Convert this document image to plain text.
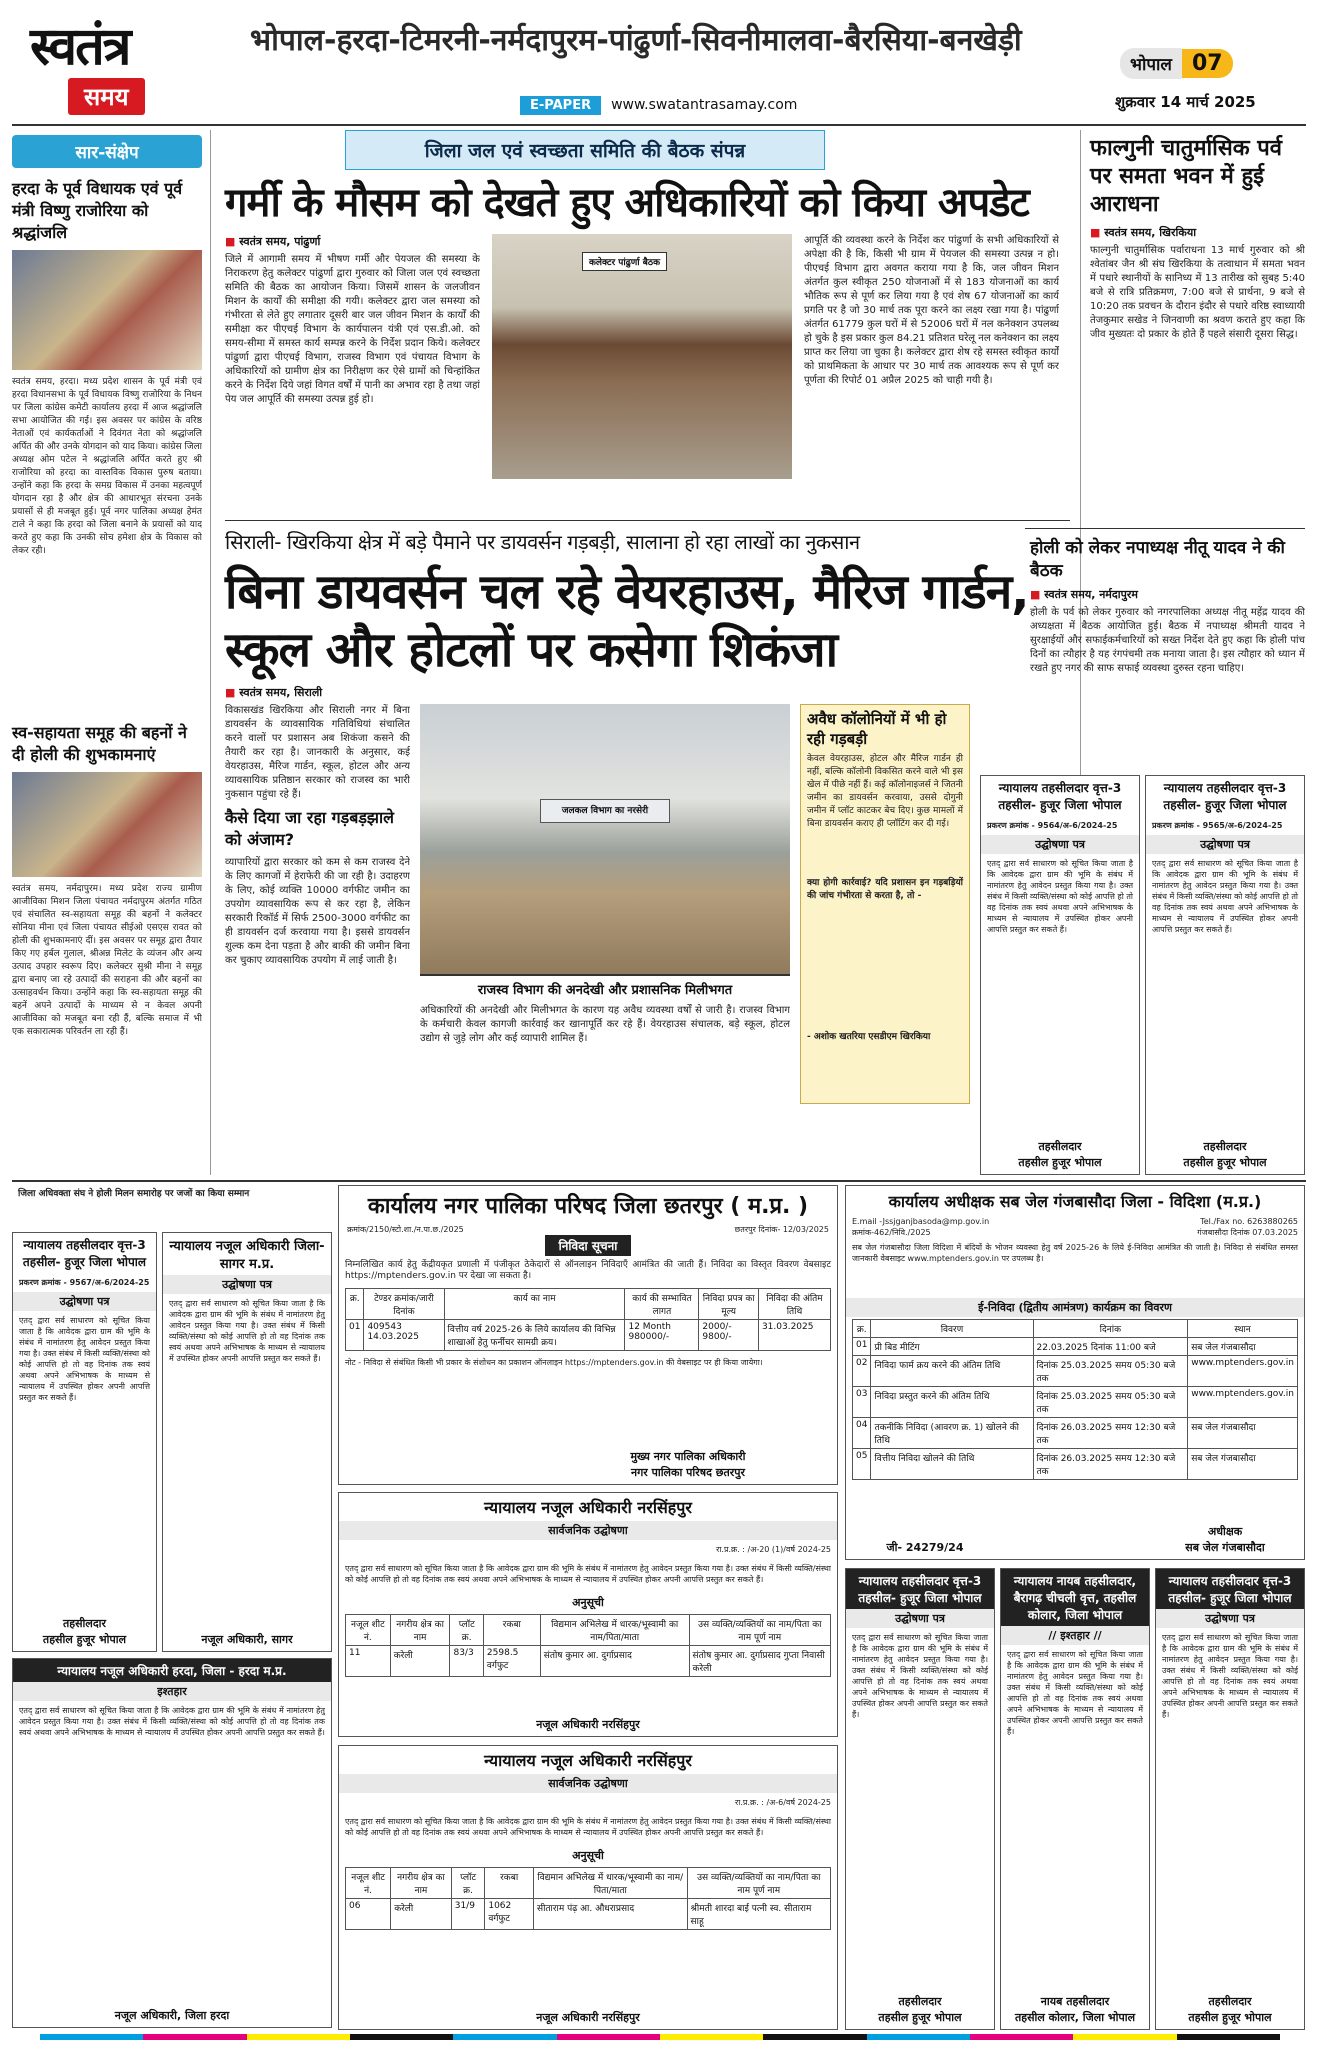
स्वतंत्र
समय
भोपाल-हरदा-टिमरनी-नर्मदापुरम-पांढुर्णा-सिवनीमालवा-बैरसिया-बनखेड़ी
E-PAPER	www.swatantrasamay.com
भोपाल 07
शुक्रवार 14 मार्च 2025
सार-संक्षेप
हरदा के पूर्व विधायक एवं पूर्व मंत्री विष्णु राजोरिया को श्रद्धांजलि
स्वतंत्र समय, हरदा। मध्य प्रदेश शासन के पूर्व मंत्री एवं हरदा विधानसभा के पूर्व विधायक विष्णु राजोरिया के निधन पर जिला कांग्रेस कमेटी कार्यालय हरदा में आज श्रद्धांजलि सभा आयोजित की गई। इस अवसर पर कांग्रेस के वरिष्ठ नेताओं एवं कार्यकर्ताओं ने दिवंगत नेता को श्रद्धांजलि अर्पित की और उनके योगदान को याद किया। कांग्रेस जिला अध्यक्ष ओम पटेल ने श्रद्धांजलि अर्पित करते हुए श्री राजोरिया को हरदा का वास्तविक विकास पुरुष बताया। उन्होंने कहा कि हरदा के समग्र विकास में उनका महत्वपूर्ण योगदान रहा है और क्षेत्र की आधारभूत संरचना उनके प्रयासों से ही मजबूत हुई। पूर्व नगर पालिका अध्यक्ष हेमंत टाले ने कहा कि हरदा को जिला बनाने के प्रयासों को याद करते हुए कहा कि उनकी सोच हमेशा क्षेत्र के विकास को लेकर रही।
स्व-सहायता समूह की बहनों ने दी होली की शुभकामनाएं
स्वतंत्र समय, नर्मदापुरम। मध्य प्रदेश राज्य ग्रामीण आजीविका मिशन जिला पंचायत नर्मदापुरम अंतर्गत गठित एवं संचालित स्व-सहायता समूह की बहनों ने कलेक्टर सोनिया मीना एवं जिला पंचायत सीईओ एसएस रावत को होली की शुभकामनाएं दीं। इस अवसर पर समूह द्वारा तैयार किए गए हर्बल गुलाल, श्रीअन्न मिलेट के व्यंजन और अन्य उत्पाद उपहार स्वरूप दिए। कलेक्टर सुश्री मीना ने समूह द्वारा बनाए जा रहे उत्पादों की सराहना की और बहनों का उत्साहवर्धन किया। उन्होंने कहा कि स्व-सहायता समूह की बहनें अपने उत्पादों के माध्यम से न केवल अपनी आजीविका को मजबूत बना रही हैं, बल्कि समाज में भी एक सकारात्मक परिवर्तन ला रही हैं।
जिला जल एवं स्वच्छता समिति की बैठक संपन्न
गर्मी के मौसम को देखते हुए अधिकारियों को किया अपडेट
■ स्वतंत्र समय, पांढुर्णा
जिले में आगामी समय में भीषण गर्मी और पेयजल की समस्या के निराकरण हेतु कलेक्टर पांढुर्णा द्वारा गुरुवार को जिला जल एवं स्वच्छता समिति की बैठक का आयोजन किया। जिसमें शासन के जलजीवन मिशन के कार्यों की समीक्षा की गयी। कलेक्टर द्वारा जल समस्या को गंभीरता से लेते हुए लगातार दूसरी बार जल जीवन मिशन के कार्यों की समीक्षा कर पीएचई विभाग के कार्यपालन यंत्री एवं एस.डी.ओ. को समय-सीमा में समस्त कार्य सम्पन्न करने के निर्देश प्रदान किये। कलेक्टर पांढुर्णा द्वारा पीएचई विभाग, राजस्व विभाग एवं पंचायत विभाग के अधिकारियों को ग्रामीण क्षेत्र का निरीक्षण कर ऐसे ग्रामों को चिन्हांकित करने के निर्देश दिये जहां विगत वर्षों में पानी का अभाव रहा है तथा जहां पेय जल आपूर्ति की समस्या उत्पन्न हुई हो।
कलेक्टर पांढुर्णा बैठक
आपूर्ति की व्यवस्था करने के निर्देश कर पांढुर्णा के सभी अधिकारियों से अपेक्षा की है कि, किसी भी ग्राम में पेयजल की समस्या उत्पन्न न हो। पीएचई विभाग द्वारा अवगत कराया गया है कि, जल जीवन मिशन अंतर्गत कुल स्वीकृत 250 योजनाओं में से 183 योजनाओं का कार्य भौतिक रूप से पूर्ण कर लिया गया है एवं शेष 67 योजनाओं का कार्य प्रगति पर है जो 30 मार्च तक पूरा करने का लक्ष्य रखा गया है। पांढुर्णा अंतर्गत 61779 कुल घरों में से 52006 घरों में नल कनेक्शन उपलब्ध हो चुके है इस प्रकार कुल 84.21 प्रतिशत घरेलू नल कनेक्शन का लक्ष्य प्राप्त कर लिया जा चुका है। कलेक्टर द्वारा शेष रहे समस्त स्वीकृत कार्यों को प्राथमिकता के आधार पर 30 मार्च तक आवश्यक रूप से पूर्ण कर पूर्णता की रिपोर्ट 01 अप्रैल 2025 को चाही गयी है।
सिराली- खिरकिया क्षेत्र में बड़े पैमाने पर डायवर्सन गड़बड़ी, सालाना हो रहा लाखों का नुकसान
बिना डायवर्सन चल रहे वेयरहाउस, मैरिज गार्डन, स्कूल और होटलों पर कसेगा शिकंजा
■ स्वतंत्र समय, सिराली
विकासखंड खिरकिया और सिराली नगर में बिना डायवर्सन के व्यावसायिक गतिविधियां संचालित करने वालों पर प्रशासन अब शिकंजा कसने की तैयारी कर रहा है। जानकारी के अनुसार, कई वेयरहाउस, मैरिज गार्डन, स्कूल, होटल और अन्य व्यावसायिक प्रतिष्ठान सरकार को राजस्व का भारी नुकसान पहुंचा रहे हैं।
कैसे दिया जा रहा गड़बड़झाले को अंजाम?
व्यापारियों द्वारा सरकार को कम से कम राजस्व देने के लिए कागजों में हेराफेरी की जा रही है। उदाहरण के लिए, कोई व्यक्ति 10000 वर्गफीट जमीन का उपयोग व्यावसायिक रूप से कर रहा है, लेकिन सरकारी रिकॉर्ड में सिर्फ 2500-3000 वर्गफीट का ही डायवर्सन दर्ज करवाया गया है। इससे डायवर्सन शुल्क कम देना पड़ता है और बाकी की जमीन बिना कर चुकाए व्यावसायिक उपयोग में लाई जाती है।
जलकल विभाग का नरसेरी
राजस्व विभाग की अनदेखी और प्रशासनिक मिलीभगत
अधिकारियों की अनदेखी और मिलीभगत के कारण यह अवैध व्यवस्था वर्षों से जारी है। राजस्व विभाग के कर्मचारी केवल कागजी कार्रवाई कर खानापूर्ति कर रहे हैं। वेयरहाउस संचालक, बड़े स्कूल, होटल उद्योग से जुड़े लोग और कई व्यापारी शामिल हैं।
अवैध कॉलोनियों में भी हो रही गड़बड़ी
केवल वेयरहाउस, होटल और मैरिज गार्डन ही नहीं, बल्कि कॉलोनी विकसित करने वाले भी इस खेल में पीछे नहीं हैं। कई कॉलोनाइजर्स ने जितनी जमीन का डायवर्सन करवाया, उससे दोगुनी जमीन में प्लॉट काटकर बेच दिए। कुछ मामलों में बिना डायवर्सन कराए ही प्लॉटिंग कर दी गई।
क्या होगी कार्रवाई? यदि प्रशासन इन गड़बड़ियों की जांच गंभीरता से करता है, तो -
- अशोक खतरिया एसडीएम खिरकिया
फाल्गुनी चातुर्मासिक पर्व पर समता भवन में हुई आराधना
■ स्वतंत्र समय, खिरकिया
फाल्गुनी चातुर्मासिक पर्वाराधना 13 मार्च गुरुवार को श्री श्वेतांबर जैन श्री संघ खिरकिया के तत्वाधान में समता भवन में पधारे स्थानीयों के सानिध्य में 13 तारीख को सुबह 5:40 बजे से रात्रि प्रतिक्रमण, 7:00 बजे से प्रार्थना, 9 बजे से 10:20 तक प्रवचन के दौरान इंदौर से पधारे वरिष्ठ स्वाध्यायी तेजकुमार सखेड ने जिनवाणी का श्रवण कराते हुए कहा कि जीव मुख्यतः दो प्रकार के होते हैं पहले संसारी दूसरा सिद्ध।
होली को लेकर नपाध्यक्ष नीतू यादव ने की बैठक
■ स्वतंत्र समय, नर्मदापुरम
होली के पर्व को लेकर गुरुवार को नगरपालिका अध्यक्ष नीतू महेंद्र यादव की अध्यक्षता में बैठक आयोजित हुई। बैठक में नपाध्यक्ष श्रीमती यादव ने सुरक्षाईयों और सफाईकर्मचारियों को सख्त निर्देश देते हुए कहा कि होली पांच दिनों का त्यौहार है यह रंगपंचमी तक मनाया जाता है। इस त्यौहार को ध्यान में रखते हुए नगर की साफ सफाई व्यवस्था दुरुस्त रहना चाहिए।
न्यायालय तहसीलदार वृत्त-3 तहसील- हुजूर जिला भोपाल
प्रकरण क्रमांक - 9564/अ-6/2024-25
उद्घोषणा पत्र
एतद् द्वारा सर्व साधारण को सूचित किया जाता है कि आवेदक द्वारा ग्राम की भूमि के संबंध में नामांतरण हेतु आवेदन प्रस्तुत किया गया है। उक्त संबंध में किसी व्यक्ति/संस्था को कोई आपत्ति हो तो वह दिनांक तक स्वयं अथवा अपने अभिभाषक के माध्यम से न्यायालय में उपस्थित होकर अपनी आपत्ति प्रस्तुत कर सकते हैं।
तहसीलदार
तहसील हुजूर भोपाल
न्यायालय तहसीलदार वृत्त-3 तहसील- हुजूर जिला भोपाल
प्रकरण क्रमांक - 9565/अ-6/2024-25
उद्घोषणा पत्र
एतद् द्वारा सर्व साधारण को सूचित किया जाता है कि आवेदक द्वारा ग्राम की भूमि के संबंध में नामांतरण हेतु आवेदन प्रस्तुत किया गया है। उक्त संबंध में किसी व्यक्ति/संस्था को कोई आपत्ति हो तो वह दिनांक तक स्वयं अथवा अपने अभिभाषक के माध्यम से न्यायालय में उपस्थित होकर अपनी आपत्ति प्रस्तुत कर सकते हैं।
तहसीलदार
तहसील हुजूर भोपाल
जिला अधिवक्ता संघ ने होली मिलन समारोह पर जजों का किया सम्मान
न्यायालय तहसीलदार वृत्त-3 तहसील- हुजूर जिला भोपाल
प्रकरण क्रमांक - 9567/अ-6/2024-25
उद्घोषणा पत्र
एतद् द्वारा सर्व साधारण को सूचित किया जाता है कि आवेदक द्वारा ग्राम की भूमि के संबंध में नामांतरण हेतु आवेदन प्रस्तुत किया गया है। उक्त संबंध में किसी व्यक्ति/संस्था को कोई आपत्ति हो तो वह दिनांक तक स्वयं अथवा अपने अभिभाषक के माध्यम से न्यायालय में उपस्थित होकर अपनी आपत्ति प्रस्तुत कर सकते हैं।
तहसीलदार
तहसील हुजूर भोपाल
न्यायालय नजूल अधिकारी जिला-सागर म.प्र.
उद्घोषणा पत्र
एतद् द्वारा सर्व साधारण को सूचित किया जाता है कि आवेदक द्वारा ग्राम की भूमि के संबंध में नामांतरण हेतु आवेदन प्रस्तुत किया गया है। उक्त संबंध में किसी व्यक्ति/संस्था को कोई आपत्ति हो तो वह दिनांक तक स्वयं अथवा अपने अभिभाषक के माध्यम से न्यायालय में उपस्थित होकर अपनी आपत्ति प्रस्तुत कर सकते हैं।
नजूल अधिकारी, सागर
न्यायालय नजूल अधिकारी हरदा, जिला - हरदा म.प्र.
इश्तहार
एतद् द्वारा सर्व साधारण को सूचित किया जाता है कि आवेदक द्वारा ग्राम की भूमि के संबंध में नामांतरण हेतु आवेदन प्रस्तुत किया गया है। उक्त संबंध में किसी व्यक्ति/संस्था को कोई आपत्ति हो तो वह दिनांक तक स्वयं अथवा अपने अभिभाषक के माध्यम से न्यायालय में उपस्थित होकर अपनी आपत्ति प्रस्तुत कर सकते हैं।
नजूल अधिकारी, जिला हरदा
कार्यालय नगर पालिका परिषद जिला छतरपुर ( म.प्र. )
क्रमांक/2150/स्टो.शा./न.पा.छ./2025	छतरपुर दिनांक- 12/03/2025
निविदा सूचना
निम्नलिखित कार्य हेतु केंद्रीयकृत प्रणाली में पंजीकृत ठेकेदारों से ऑनलाइन निविदाएँ आमंत्रित की जाती हैं। निविदा का विस्तृत विवरण वेबसाइट https://mptenders.gov.in पर देखा जा सकता है।
क्र.	टेण्डर क्रमांक/जारी दिनांक	कार्य का नाम	कार्य की सम्भावित लागत	निविदा प्रपत्र का मूल्य	निविदा की अंतिम तिथि
01	409543 14.03.2025	वित्तीय वर्ष 2025-26 के लिये कार्यालय की विभिन्न शाखाओं हेतु फर्नीचर सामग्री क्रय।	12 Month 980000/-	2000/- 9800/-	31.03.2025
नोट - निविदा से संबंधित किसी भी प्रकार के संशोधन का प्रकाशन ऑनलाइन https://mptenders.gov.in की वेबसाइट पर ही किया जायेगा।
मुख्य नगर पालिका अधिकारी
नगर पालिका परिषद छतरपुर
कार्यालय अधीक्षक सब जेल गंजबासौदा जिला - विदिशा (म.प्र.)
E.mail -Jssjganjbasoda@mp.gov.in	Tel./Fax no. 6263880265
क्रमांक-462/निवि./2025	गंजबासौदा दिनांक 07.03.2025
सब जेल गंजबासौदा जिला विदिशा में बंदियों के भोजन व्यवस्था हेतु वर्ष 2025-26 के लिये ई-निविदा आमंत्रित की जाती है। निविदा से संबंधित समस्त जानकारी वेबसाइट www.mptenders.gov.in पर उपलब्ध है।
ई-निविदा (द्वितीय आमंत्रण) कार्यक्रम का विवरण
क्र.	विवरण	दिनांक	स्थान
01	प्री बिड मीटिंग	22.03.2025 दिनांक 11:00 बजे	सब जेल गंजबासौदा
02	निविदा फार्म क्रय करने की अंतिम तिथि	दिनांक 25.03.2025 समय 05:30 बजे तक	www.mptenders.gov.in
03	निविदा प्रस्तुत करने की अंतिम तिथि	दिनांक 25.03.2025 समय 05:30 बजे तक	www.mptenders.gov.in
04	तकनीकि निविदा (आवरण क्र. 1) खोलने की तिथि	दिनांक 26.03.2025 समय 12:30 बजे तक	सब जेल गंजबासौदा
05	वित्तीय निविदा खोलने की तिथि	दिनांक 26.03.2025 समय 12:30 बजे तक	सब जेल गंजबासौदा
अधीक्षक
सब जेल गंजबासौदा
जी- 24279/24
न्यायालय नजूल अधिकारी नरसिंहपुर
सार्वजनिक उद्घोषणा
रा.प्र.क्र. : /अ-20 (1)/वर्ष 2024-25
एतद् द्वारा सर्व साधारण को सूचित किया जाता है कि आवेदक द्वारा ग्राम की भूमि के संबंध में नामांतरण हेतु आवेदन प्रस्तुत किया गया है। उक्त संबंध में किसी व्यक्ति/संस्था को कोई आपत्ति हो तो वह दिनांक तक स्वयं अथवा अपने अभिभाषक के माध्यम से न्यायालय में उपस्थित होकर अपनी आपत्ति प्रस्तुत कर सकते हैं।
अनुसूची
नजूल शीट नं.	नगरीय क्षेत्र का नाम	प्लॉट क्र.	रकबा	विद्यमान अभिलेख में धारक/भूस्वामी का नाम/पिता/माता	उस व्यक्ति/व्यक्तियों का नाम/पिता का नाम पूर्ण नाम
11	करेली	83/3	2598.5 वर्गफुट	संतोष कुमार आ. दुर्गाप्रसाद	संतोष कुमार आ. दुर्गाप्रसाद गुप्ता निवासी करेली
नजूल अधिकारी नरसिंहपुर
न्यायालय नजूल अधिकारी नरसिंहपुर
सार्वजनिक उद्घोषणा
रा.प्र.क्र. : /अ-6/वर्ष 2024-25
एतद् द्वारा सर्व साधारण को सूचित किया जाता है कि आवेदक द्वारा ग्राम की भूमि के संबंध में नामांतरण हेतु आवेदन प्रस्तुत किया गया है। उक्त संबंध में किसी व्यक्ति/संस्था को कोई आपत्ति हो तो वह दिनांक तक स्वयं अथवा अपने अभिभाषक के माध्यम से न्यायालय में उपस्थित होकर अपनी आपत्ति प्रस्तुत कर सकते हैं।
अनुसूची
नजूल शीट नं.	नगरीय क्षेत्र का नाम	प्लॉट क्र.	रकबा	विद्यमान अभिलेख में धारक/भूस्वामी का नाम/पिता/माता	उस व्यक्ति/व्यक्तियों का नाम/पिता का नाम पूर्ण नाम
06	करेली	31/9	1062 वर्गफुट	सीताराम पंढ़ आ. औधराप्रसाद	श्रीमती शारदा बाई पत्नी स्व. सीताराम साहू
नजूल अधिकारी नरसिंहपुर
न्यायालय तहसीलदार वृत्त-3 तहसील- हुजूर जिला भोपाल
उद्घोषणा पत्र
एतद् द्वारा सर्व साधारण को सूचित किया जाता है कि आवेदक द्वारा ग्राम की भूमि के संबंध में नामांतरण हेतु आवेदन प्रस्तुत किया गया है। उक्त संबंध में किसी व्यक्ति/संस्था को कोई आपत्ति हो तो वह दिनांक तक स्वयं अथवा अपने अभिभाषक के माध्यम से न्यायालय में उपस्थित होकर अपनी आपत्ति प्रस्तुत कर सकते हैं।
तहसीलदार
तहसील हुजूर भोपाल
न्यायालय नायब तहसीलदार, बैरागढ़ चीचली वृत्त, तहसील कोलार, जिला भोपाल
// इश्तहार //
एतद् द्वारा सर्व साधारण को सूचित किया जाता है कि आवेदक द्वारा ग्राम की भूमि के संबंध में नामांतरण हेतु आवेदन प्रस्तुत किया गया है। उक्त संबंध में किसी व्यक्ति/संस्था को कोई आपत्ति हो तो वह दिनांक तक स्वयं अथवा अपने अभिभाषक के माध्यम से न्यायालय में उपस्थित होकर अपनी आपत्ति प्रस्तुत कर सकते हैं।
नायब तहसीलदार
तहसील कोलार, जिला भोपाल
न्यायालय तहसीलदार वृत्त-3 तहसील- हुजूर जिला भोपाल
उद्घोषणा पत्र
एतद् द्वारा सर्व साधारण को सूचित किया जाता है कि आवेदक द्वारा ग्राम की भूमि के संबंध में नामांतरण हेतु आवेदन प्रस्तुत किया गया है। उक्त संबंध में किसी व्यक्ति/संस्था को कोई आपत्ति हो तो वह दिनांक तक स्वयं अथवा अपने अभिभाषक के माध्यम से न्यायालय में उपस्थित होकर अपनी आपत्ति प्रस्तुत कर सकते हैं।
तहसीलदार
तहसील हुजूर भोपाल
